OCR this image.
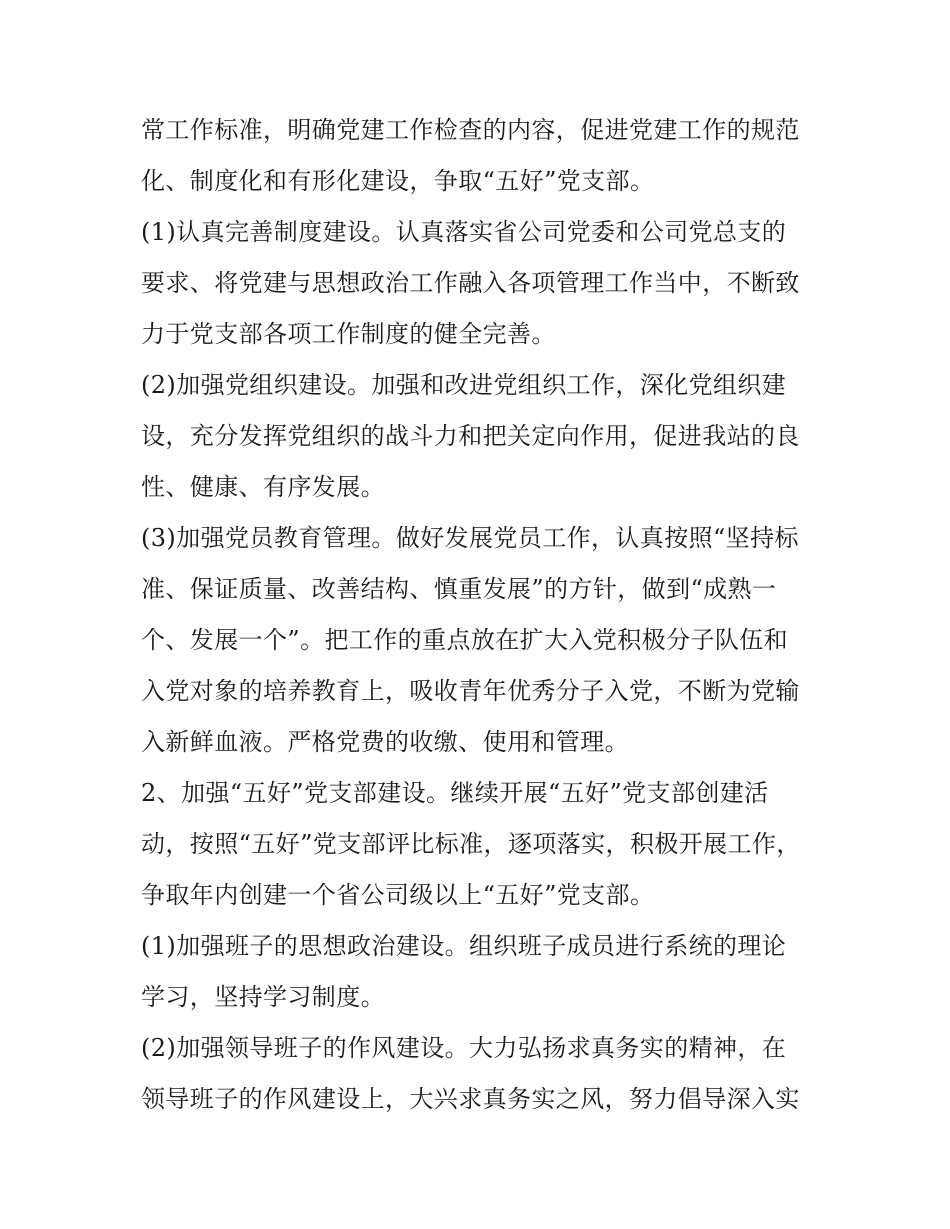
常工作标准，明确党建工作检查的内容，促进党建工作的规范
化、制度化和有形化建设，争取“五好”党支部。
(1)认真完善制度建设。认真落实省公司党委和公司党总支的
要求、将党建与思想政治工作融入各项管理工作当中，不断致
力于党支部各项工作制度的健全完善。
(2)加强党组织建设。加强和改进党组织工作，深化党组织建
设，充分发挥党组织的战斗力和把关定向作用，促进我站的良
性、健康、有序发展。
(3)加强党员教育管理。做好发展党员工作，认真按照“坚持标
准、保证质量、改善结构、慎重发展”的方针，做到“成熟一
个、发展一个”。把工作的重点放在扩大入党积极分子队伍和
入党对象的培养教育上，吸收青年优秀分子入党，不断为党输
入新鲜血液。严格党费的收缴、使用和管理。
2、加强“五好”党支部建设。继续开展“五好”党支部创建活
动，按照“五好”党支部评比标准，逐项落实，积极开展工作，
争取年内创建一个省公司级以上“五好”党支部。
(1)加强班子的思想政治建设。组织班子成员进行系统的理论
学习，坚持学习制度。
(2)加强领导班子的作风建设。大力弘扬求真务实的精神，在
领导班子的作风建设上，大兴求真务实之风，努力倡导深入实
